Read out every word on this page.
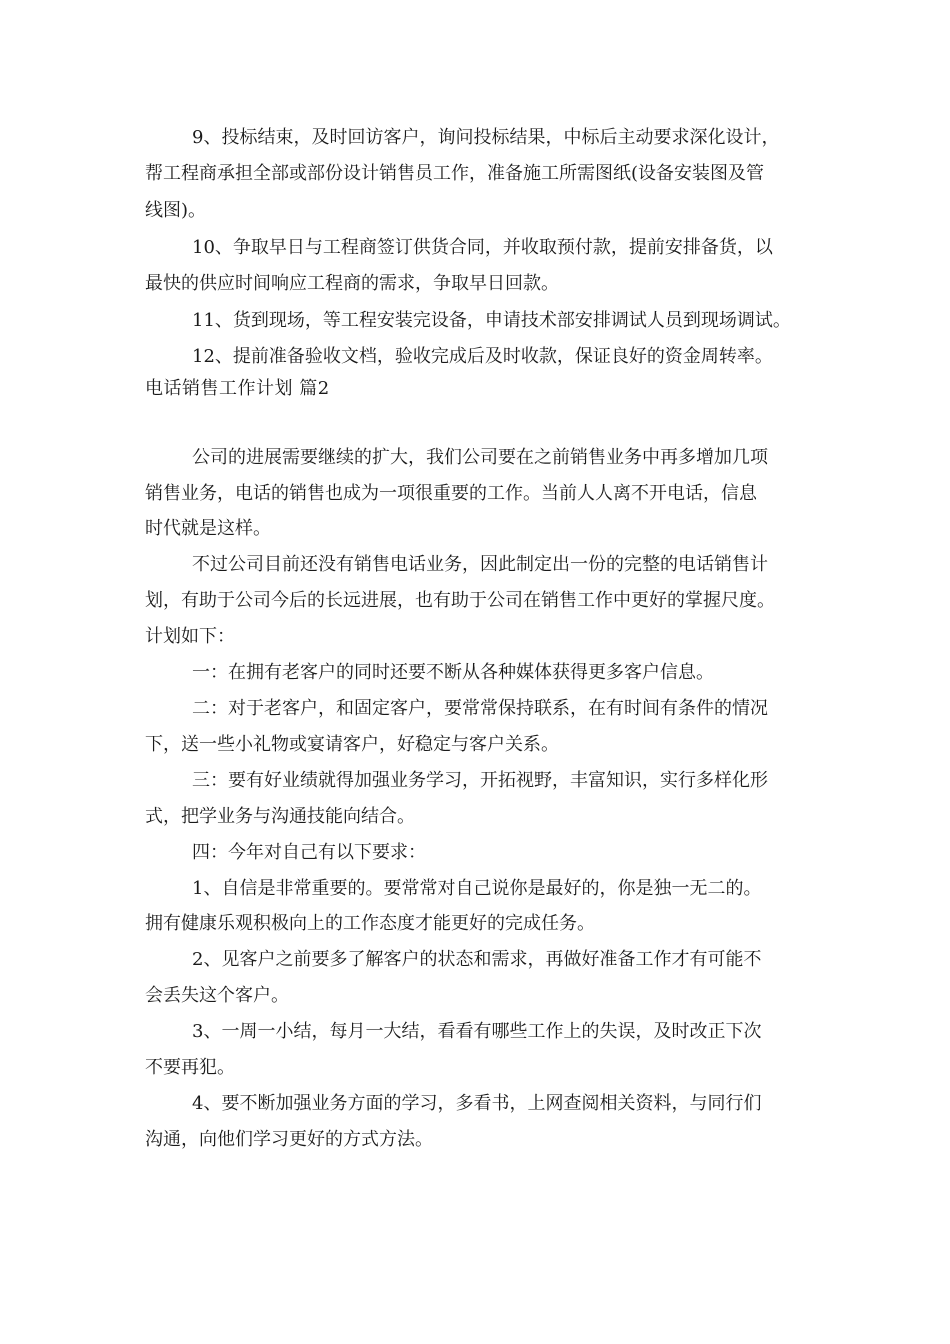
9、投标结束，及时回访客户，询问投标结果，中标后主动要求深化设计，
帮工程商承担全部或部份设计销售员工作，准备施工所需图纸(设备安装图及管
线图)。
10、争取早日与工程商签订供货合同，并收取预付款，提前安排备货，以
最快的供应时间响应工程商的需求，争取早日回款。
11、货到现场，等工程安装完设备，申请技术部安排调试人员到现场调试。
12、提前准备验收文档，验收完成后及时收款，保证良好的资金周转率。
电话销售工作计划 篇2
公司的进展需要继续的扩大，我们公司要在之前销售业务中再多增加几项
销售业务，电话的销售也成为一项很重要的工作。当前人人离不开电话，信息
时代就是这样。
不过公司目前还没有销售电话业务，因此制定出一份的完整的电话销售计
划，有助于公司今后的长远进展，也有助于公司在销售工作中更好的掌握尺度。
计划如下：
一：在拥有老客户的同时还要不断从各种媒体获得更多客户信息。
二：对于老客户，和固定客户，要常常保持联系，在有时间有条件的情况
下，送一些小礼物或宴请客户，好稳定与客户关系。
三：要有好业绩就得加强业务学习，开拓视野，丰富知识，实行多样化形
式，把学业务与沟通技能向结合。
四：今年对自己有以下要求：
1、自信是非常重要的。要常常对自己说你是最好的，你是独一无二的。
拥有健康乐观积极向上的工作态度才能更好的完成任务。
2、见客户之前要多了解客户的状态和需求，再做好准备工作才有可能不
会丢失这个客户。
3、一周一小结，每月一大结，看看有哪些工作上的失误，及时改正下次
不要再犯。
4、要不断加强业务方面的学习，多看书，上网查阅相关资料，与同行们
沟通，向他们学习更好的方式方法。
